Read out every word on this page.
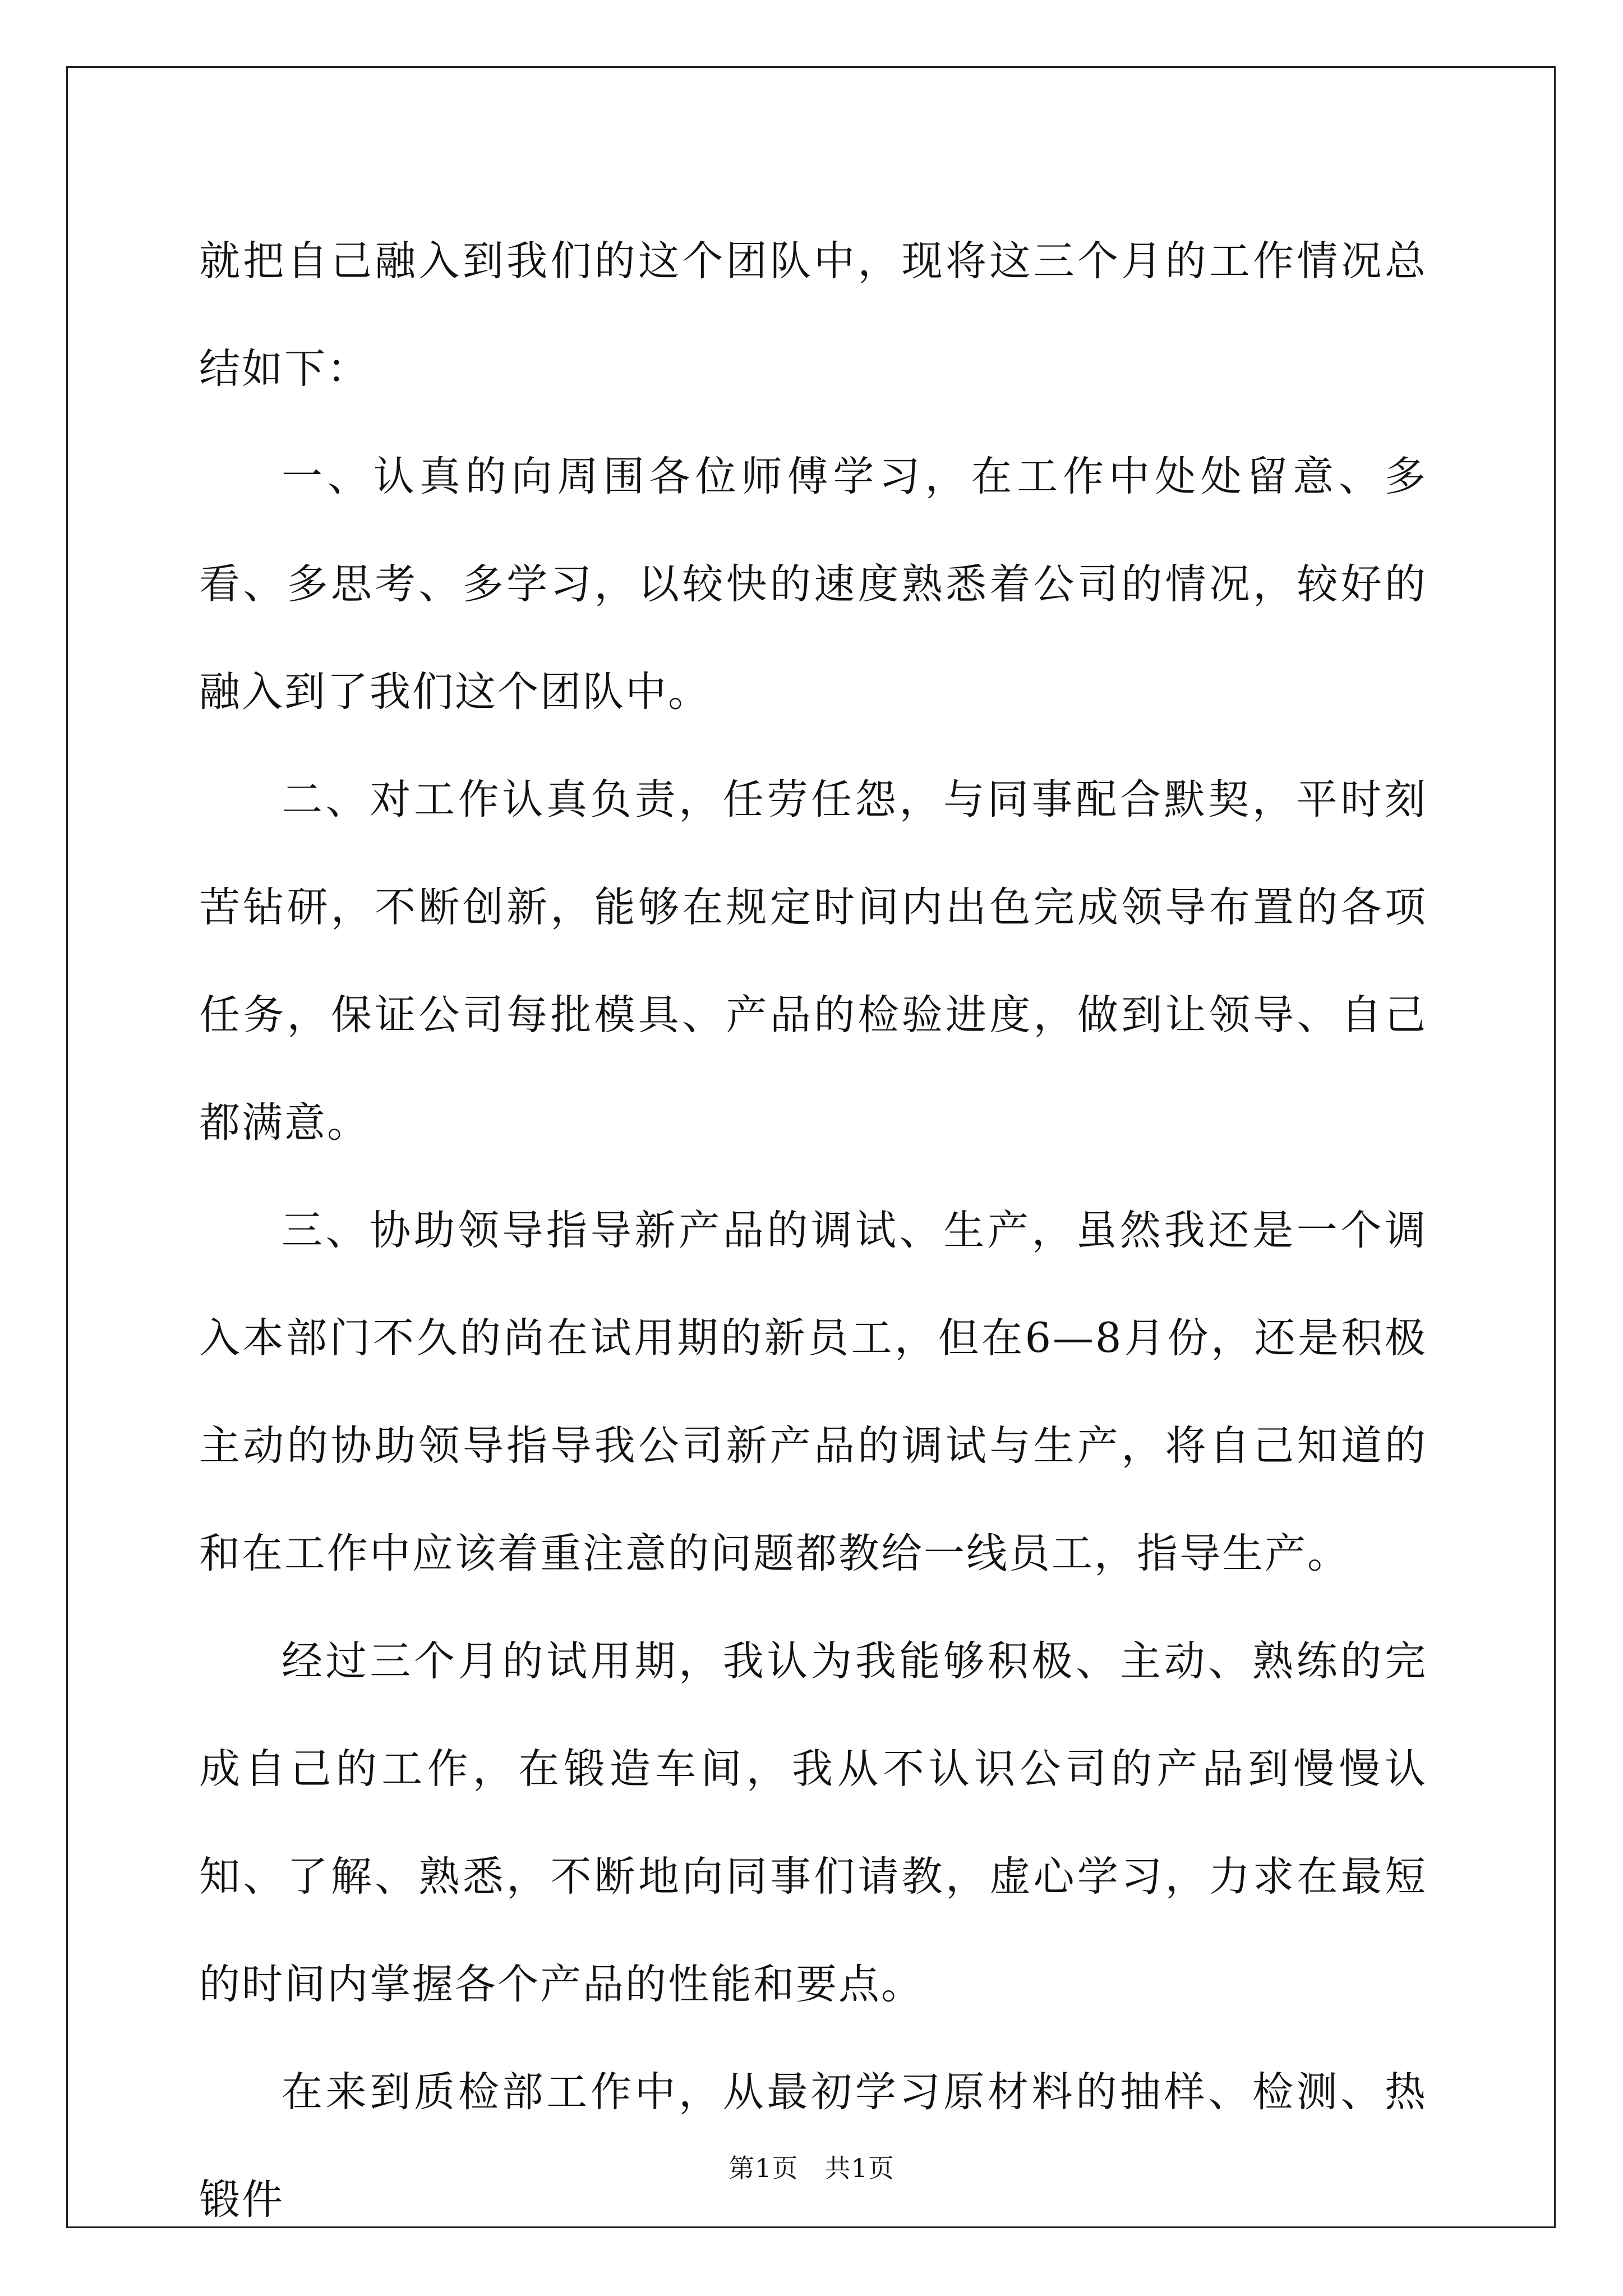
就把自己融入到我们的这个团队中，现将这三个月的工作情况总结如下：

一、认真的向周围各位师傅学习，在工作中处处留意、多看、多思考、多学习，以较快的速度熟悉着公司的情况，较好的融入到了我们这个团队中。

二、对工作认真负责，任劳任怨，与同事配合默契，平时刻苦钻研，不断创新，能够在规定时间内出色完成领导布置的各项任务，保证公司每批模具、产品的检验进度，做到让领导、自己都满意。

三、协助领导指导新产品的调试、生产，虽然我还是一个调入本部门不久的尚在试用期的新员工，但在6—8月份，还是积极主动的协助领导指导我公司新产品的调试与生产，将自己知道的和在工作中应该着重注意的问题都教给一线员工，指导生产。

经过三个月的试用期，我认为我能够积极、主动、熟练的完成自己的工作，在锻造车间，我从不认识公司的产品到慢慢认知、了解、熟悉，不断地向同事们请教，虚心学习，力求在最短的时间内掌握各个产品的性能和要点。

在来到质检部工作中，从最初学习原材料的抽样、检测、热锻件

第1页 共1页
